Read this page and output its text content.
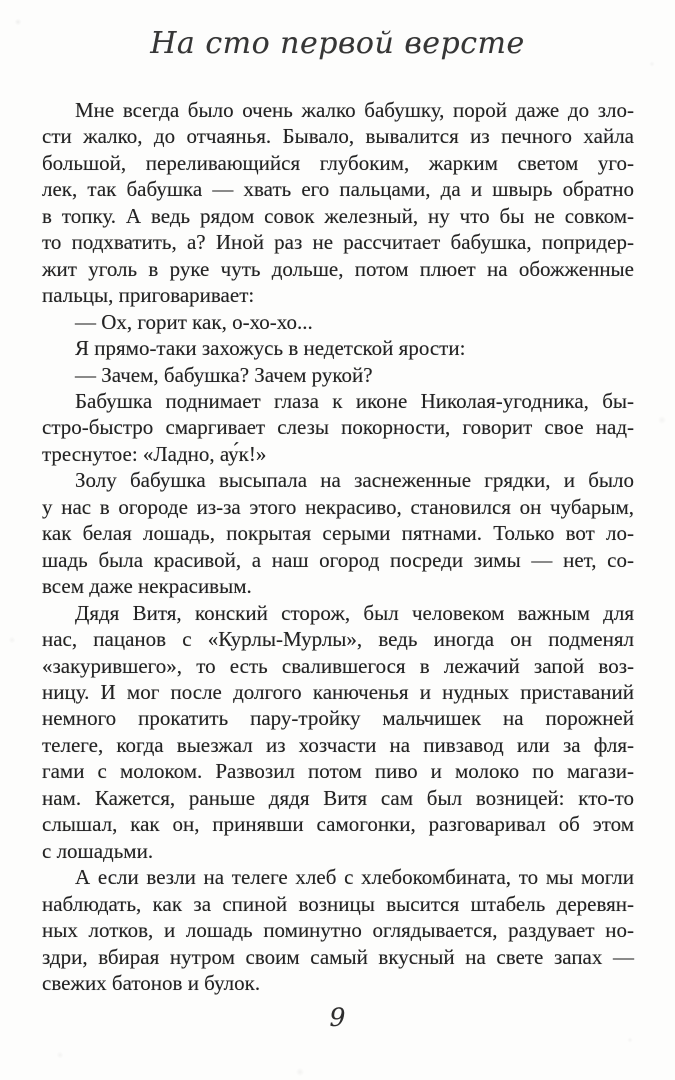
На сто первой версте
Мне всегда было очень жалко бабушку, порой даже до зло-
сти жалко, до отчаянья. Бывало, вывалится из печного хайла
большой, переливающийся глубоким, жарким светом уго-
лек, так бабушка — хвать его пальцами, да и швырь обратно
в топку. А ведь рядом совок железный, ну что бы не совком-
то подхватить, а? Иной раз не рассчитает бабушка, попридер-
жит уголь в руке чуть дольше, потом плюет на обожженные
пальцы, приговаривает:
— Ох, горит как, о-хо-хо...
Я прямо-таки захожусь в недетской ярости:
— Зачем, бабушка? Зачем рукой?
Бабушка поднимает глаза к иконе Николая-угодника, бы-
стро-быстро смаргивает слезы покорности, говорит свое над-
треснутое: «Ладно, ау́к!»
Золу бабушка высыпала на заснеженные грядки, и было
у нас в огороде из-за этого некрасиво, становился он чубарым,
как белая лошадь, покрытая серыми пятнами. Только вот ло-
шадь была красивой, а наш огород посреди зимы — нет, со-
всем даже некрасивым.
Дядя Витя, конский сторож, был человеком важным для
нас, пацанов с «Курлы-Мурлы», ведь иногда он подменял
«закурившего», то есть свалившегося в лежачий запой воз-
ницу. И мог после долгого канюченья и нудных приставаний
немного прокатить пару-тройку мальчишек на порожней
телеге, когда выезжал из хозчасти на пивзавод или за фля-
гами с молоком. Развозил потом пиво и молоко по магази-
нам. Кажется, раньше дядя Витя сам был возницей: кто-то
слышал, как он, принявши самогонки, разговаривал об этом
с лошадьми.
А если везли на телеге хлеб с хлебокомбината, то мы могли
наблюдать, как за спиной возницы высится штабель деревян-
ных лотков, и лошадь поминутно оглядывается, раздувает но-
здри, вбирая нутром своим самый вкусный на свете запах —
свежих батонов и булок.
9
